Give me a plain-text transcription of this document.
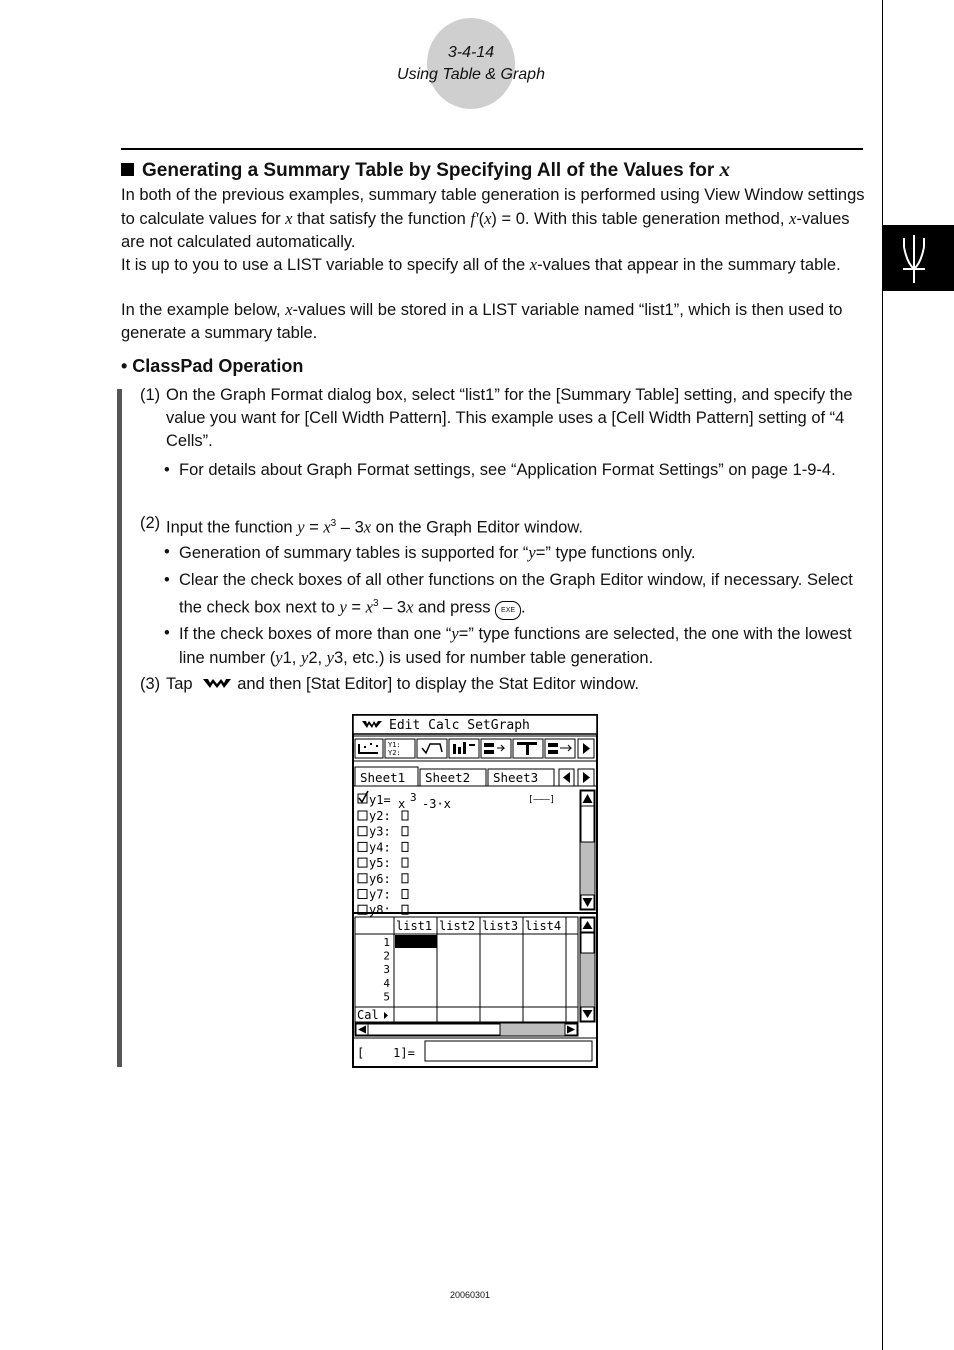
3-4-14
Using Table & Graph
Generating a Summary Table by Specifying All of the Values for x
In both of the previous examples, summary table generation is performed using View Window settings to calculate values for x that satisfy the function f'(x) = 0. With this table generation method, x-values are not calculated automatically.
It is up to you to use a LIST variable to specify all of the x-values that appear in the summary table.
In the example below, x-values will be stored in a LIST variable named “list1”, which is then used to generate a summary table.
• ClassPad Operation
(1) On the Graph Format dialog box, select “list1” for the [Summary Table] setting, and specify the value you want for [Cell Width Pattern]. This example uses a [Cell Width Pattern] setting of “4 Cells”.
• For details about Graph Format settings, see “Application Format Settings” on page 1-9-4.
(2) Input the function $y = x^3 - 3x$ on the Graph Editor window.
• Generation of summary tables is supported for “y=” type functions only.
• Clear the check boxes of all other functions on the Graph Editor window, if necessary. Select the check box next to $y = x^3 - 3x$ and press EXE .
• If the check boxes of more than one “y=” type functions are selected, the one with the lowest line number (y1, y2, y3, etc.) is used for number table generation.
(3) Tap	and then [Stat Editor] to display the Stat Editor window.
Edit Calc SetGraph
Y1:
Y2:
Sheet1 Sheet2 Sheet3
y1= x 3 -3·x	[———]
y2:
y3:
y4:
y5:
y6:
y7:
y8:
list1 list2 list3 list4
1
2
3
4
5
Cal
[    1]=
20060301
